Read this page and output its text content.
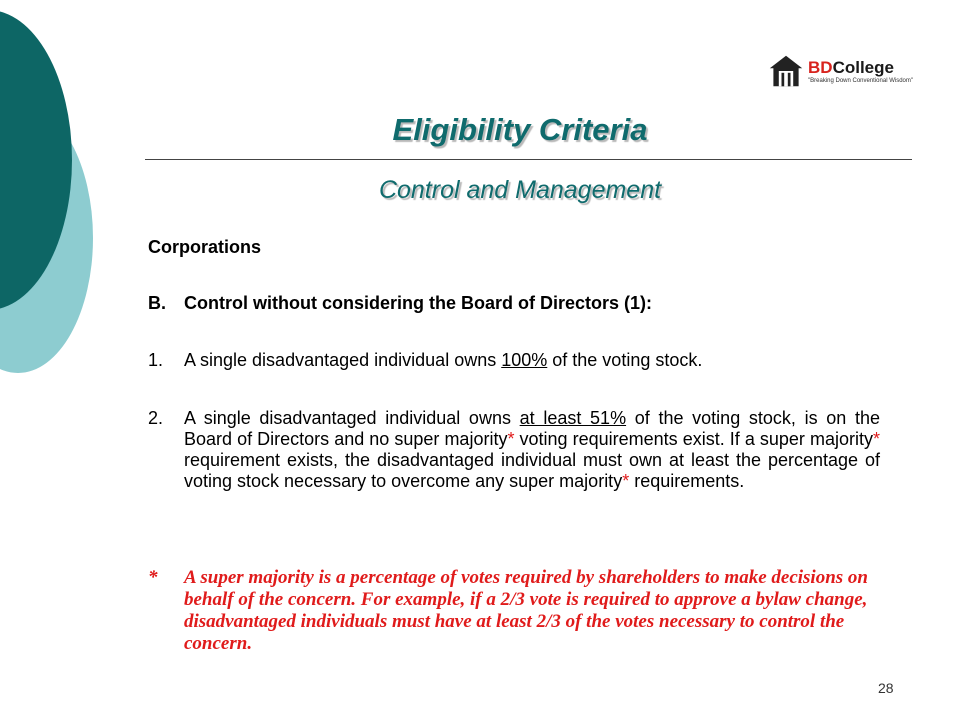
BDCollege
"Breaking Down Conventional Wisdom"
Eligibility Criteria
Control and Management
Corporations
B.	Control without considering the Board of Directors (1):
1.	A single disadvantaged individual owns 100% of the voting stock.
2.	A single disadvantaged individual owns at least 51% of the voting stock, is on the Board of Directors and no super majority* voting requirements exist. If a super majority* requirement exists, the disadvantaged individual must own at least the percentage of voting stock necessary to overcome any super majority* requirements.
*	A super majority is a percentage of votes required by shareholders to make decisions on behalf of the concern. For example, if a 2/3 vote is required to approve a bylaw change, disadvantaged individuals must have at least 2/3 of the votes necessary to control the concern.
28
